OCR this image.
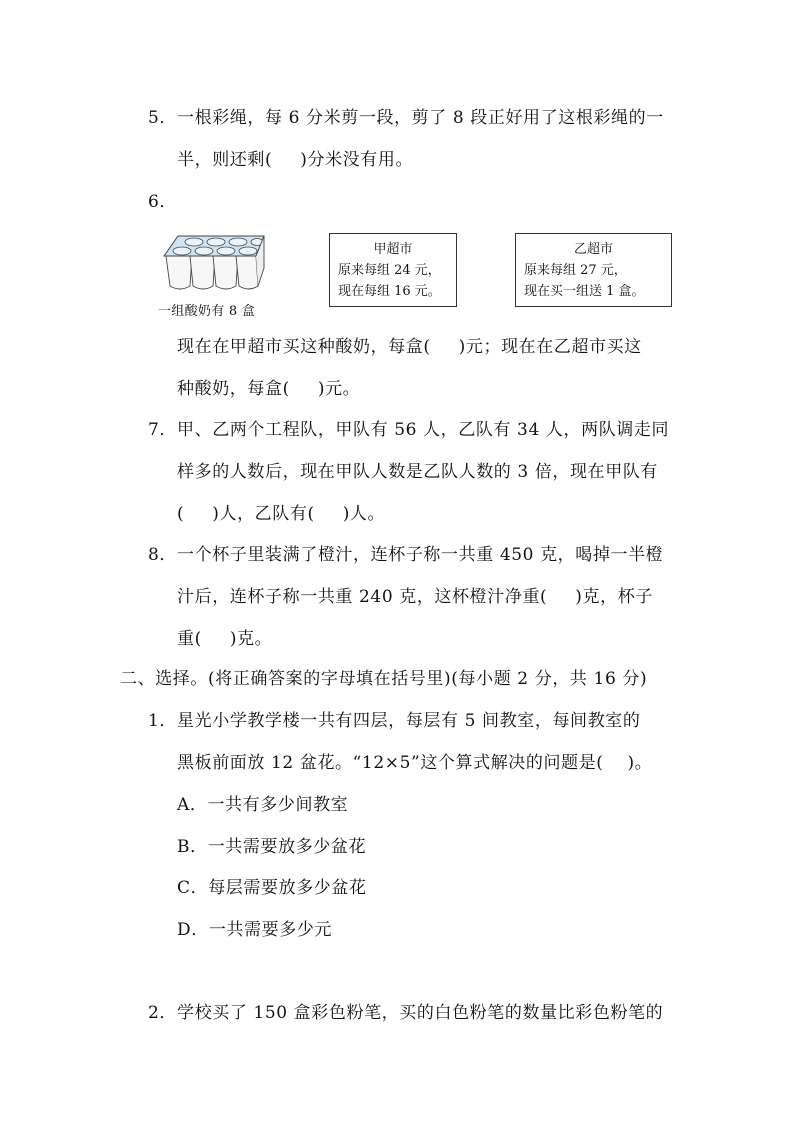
5．一根彩绳，每 6 分米剪一段，剪了 8 段正好用了这根彩绳的一
半，则还剩( )分米没有用。
6．
一组酸奶有 8 盒
甲超市
原来每组 24 元，
现在每组 16 元。
乙超市
原来每组 27 元，
现在买一组送 1 盒。
现在在甲超市买这种酸奶，每盒( )元；现在在乙超市买这
种酸奶，每盒( )元。
7．甲、乙两个工程队，甲队有 56 人，乙队有 34 人，两队调走同
样多的人数后，现在甲队人数是乙队人数的 3 倍，现在甲队有
( )人，乙队有( )人。
8．一个杯子里装满了橙汁，连杯子称一共重 450 克，喝掉一半橙
汁后，连杯子称一共重 240 克，这杯橙汁净重( )克，杯子
重( )克。
二、选择。(将正确答案的字母填在括号里)(每小题 2 分，共 16 分)
1．星光小学教学楼一共有四层，每层有 5 间教室，每间教室的
黑板前面放 12 盆花。“12×5”这个算式解决的问题是( )。
A．一共有多少间教室
B．一共需要放多少盆花
C．每层需要放多少盆花
D．一共需要多少元
2．学校买了 150 盒彩色粉笔，买的白色粉笔的数量比彩色粉笔的
